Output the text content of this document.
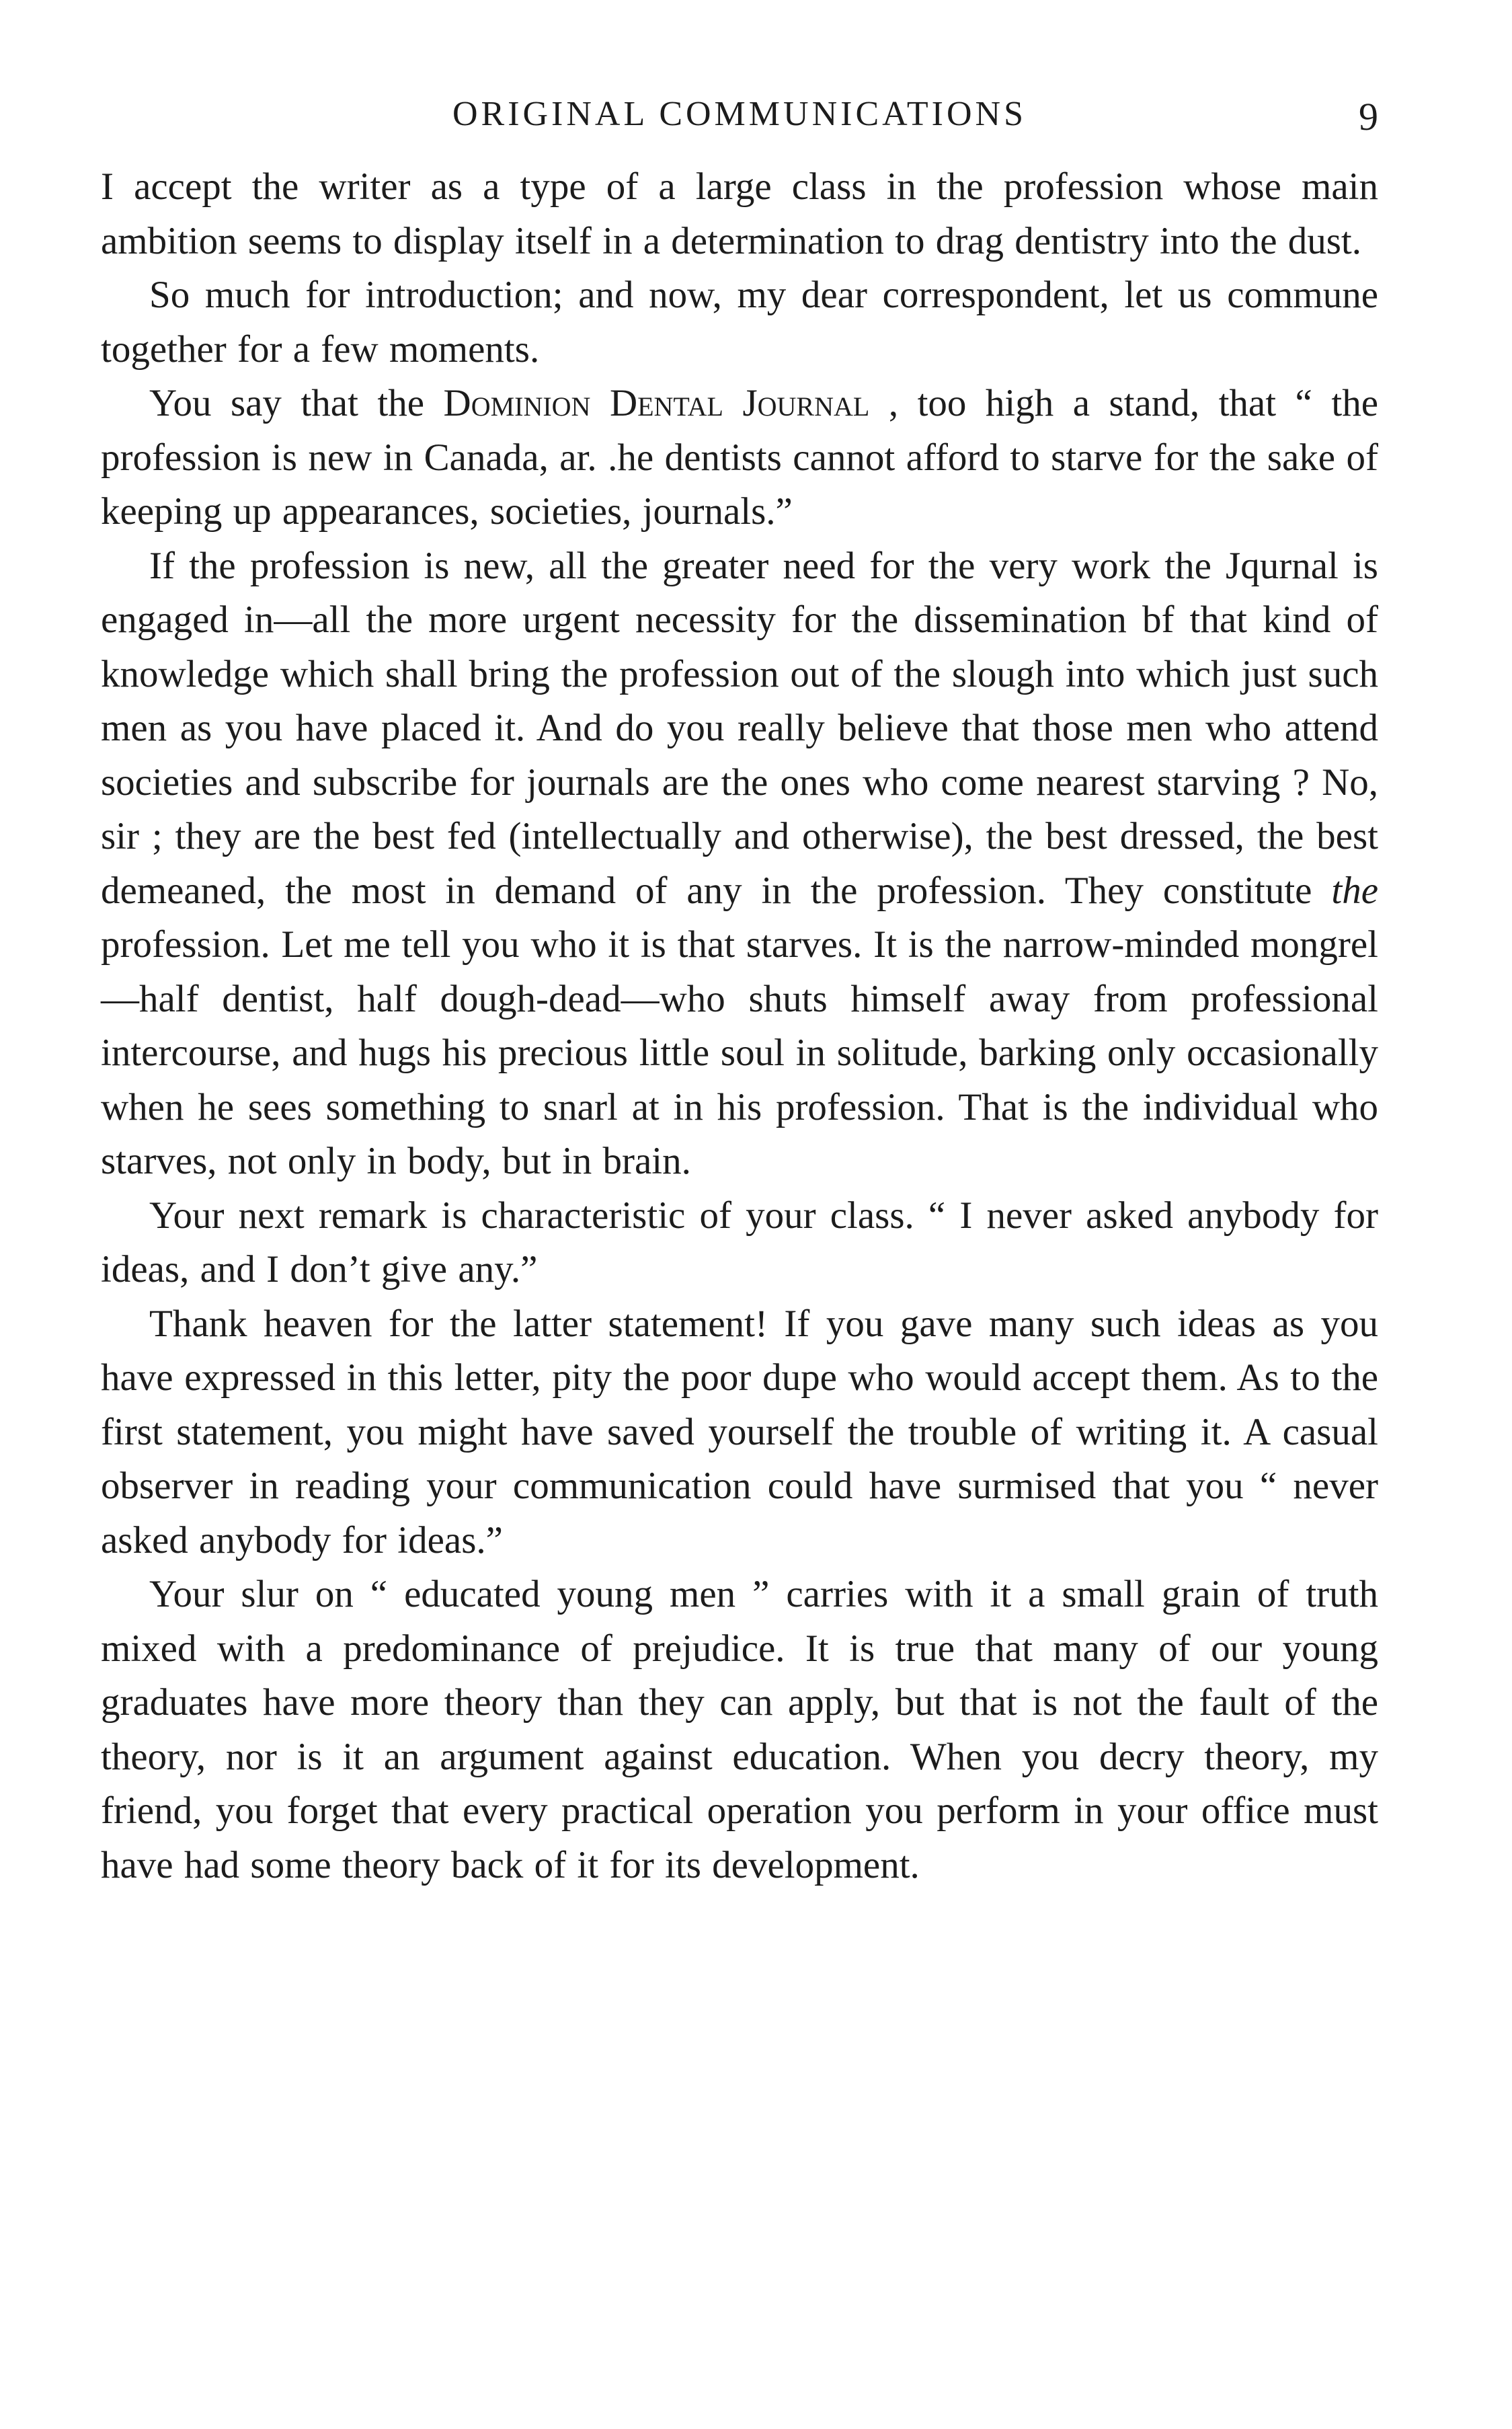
ORIGINAL COMMUNICATIONS	9

I accept the writer as a type of a large class in the profession whose main ambition seems to display itself in a determination to drag dentistry into the dust.

So much for introduction; and now, my dear correspondent, let us commune together for a few moments.

You say that the Dominion Dental Journal , too high a stand, that “ the profession is new in Canada, ar. .he dentists cannot afford to starve for the sake of keeping up appearances, societies, journals.”

If the profession is new, all the greater need for the very work the Jqurnal is engaged in—all the more urgent necessity for the dissemination bf that kind of knowledge which shall bring the profession out of the slough into which just such men as you have placed it. And do you really believe that those men who attend societies and subscribe for journals are the ones who come nearest starving ? No, sir ; they are the best fed (intellectually and otherwise), the best dressed, the best demeaned, the most in demand of any in the profession. They constitute the profession. Let me tell you who it is that starves. It is the narrow-minded mongrel—half dentist, half dough-dead—who shuts himself away from professional intercourse, and hugs his precious little soul in solitude, barking only occasionally when he sees something to snarl at in his profession. That is the individual who starves, not only in body, but in brain.

Your next remark is characteristic of your class. “ I never asked anybody for ideas, and I don’t give any.”

Thank heaven for the latter statement! If you gave many such ideas as you have expressed in this letter, pity the poor dupe who would accept them. As to the first statement, you might have saved yourself the trouble of writing it. A casual observer in reading your communication could have surmised that you “ never asked anybody for ideas.”

Your slur on “ educated young men ” carries with it a small grain of truth mixed with a predominance of prejudice. It is true that many of our young graduates have more theory than they can apply, but that is not the fault of the theory, nor is it an argument against education. When you decry theory, my friend, you forget that every practical operation you perform in your office must have had some theory back of it for its development.
